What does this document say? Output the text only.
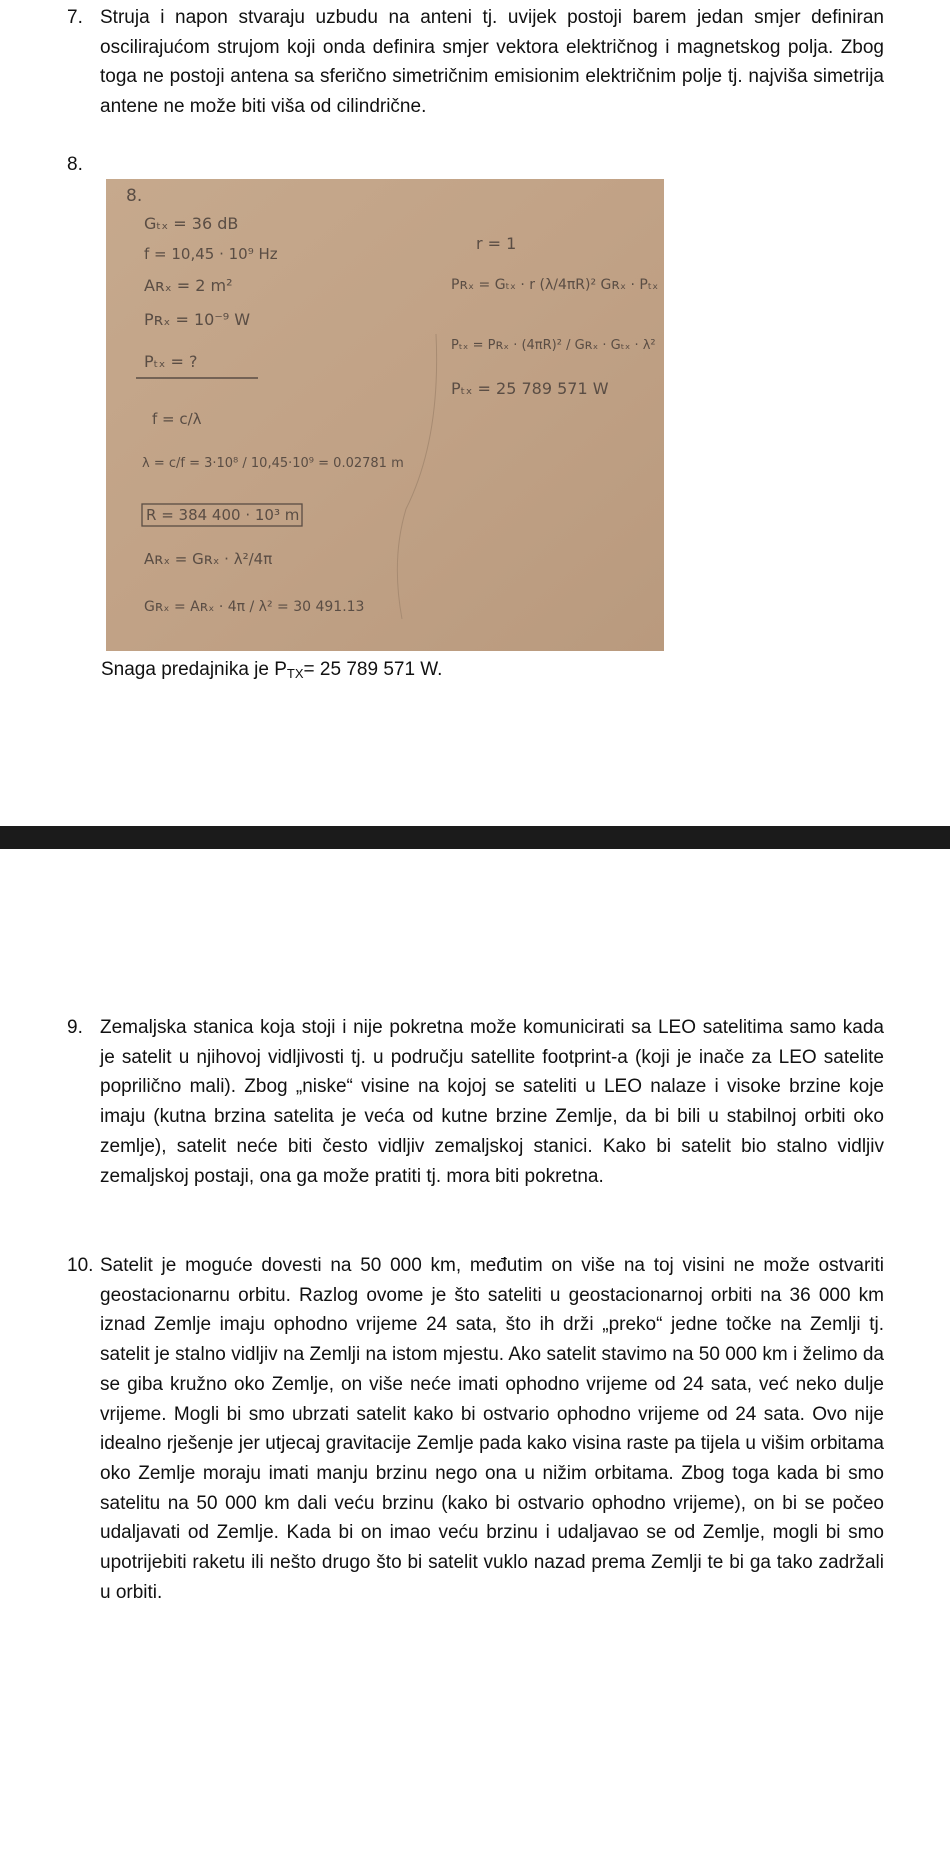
7. Struja i napon stvaraju uzbudu na anteni tj. uvijek postoji barem jedan smjer definiran oscilirajućom strujom koji onda definira smjer vektora električnog i magnetskog polja. Zbog toga ne postoji antena sa sferično simetričnim emisionim električnim polje tj. najviša simetrija antene ne može biti viša od cilindrične.
8.
8.
Gₜₓ = 36 dB
f = 10,45 · 10⁹ Hz
Aʀₓ = 2 m²
Pʀₓ = 10⁻⁹ W
Pₜₓ = ?
r = 1
Pʀₓ = Gₜₓ · r (λ/4πR)² Gʀₓ · Pₜₓ
Pₜₓ = Pʀₓ · (4πR)² / Gʀₓ · Gₜₓ · λ²
Pₜₓ = 25 789 571 W
f = c/λ
λ = c/f = 3·10⁸ / 10,45·10⁹ = 0.02781 m
R = 384 400 · 10³ m
Aʀₓ = Gʀₓ · λ²/4π
Gʀₓ = Aʀₓ · 4π / λ² = 30 491.13
Snaga predajnika je $P_{TX}= 25$ 789 571 W.
9. Zemaljska stanica koja stoji i nije pokretna može komunicirati sa LEO satelitima samo kada je satelit u njihovoj vidljivosti tj. u području satellite footprint-a (koji je inače za LEO satelite poprilično mali). Zbog „niske“ visine na kojoj se sateliti u LEO nalaze i visoke brzine koje imaju (kutna brzina satelita je veća od kutne brzine Zemlje, da bi bili u stabilnoj orbiti oko zemlje), satelit neće biti često vidljiv zemaljskoj stanici. Kako bi satelit bio stalno vidljiv zemaljskoj postaji, ona ga može pratiti tj. mora biti pokretna.
10. Satelit je moguće dovesti na 50 000 km, međutim on više na toj visini ne može ostvariti geostacionarnu orbitu. Razlog ovome je što sateliti u geostacionarnoj orbiti na 36 000 km iznad Zemlje imaju ophodno vrijeme 24 sata, što ih drži „preko“ jedne točke na Zemlji tj. satelit je stalno vidljiv na Zemlji na istom mjestu. Ako satelit stavimo na 50 000 km i želimo da se giba kružno oko Zemlje, on više neće imati ophodno vrijeme od 24 sata, već neko dulje vrijeme. Mogli bi smo ubrzati satelit kako bi ostvario ophodno vrijeme od 24 sata. Ovo nije idealno rješenje jer utjecaj gravitacije Zemlje pada kako visina raste pa tijela u višim orbitama oko Zemlje moraju imati manju brzinu nego ona u nižim orbitama. Zbog toga kada bi smo satelitu na 50 000 km dali veću brzinu (kako bi ostvario ophodno vrijeme), on bi se počeo udaljavati od Zemlje. Kada bi on imao veću brzinu i udaljavao se od Zemlje, mogli bi smo upotrijebiti raketu ili nešto drugo što bi satelit vuklo nazad prema Zemlji te bi ga tako zadržali u orbiti.
